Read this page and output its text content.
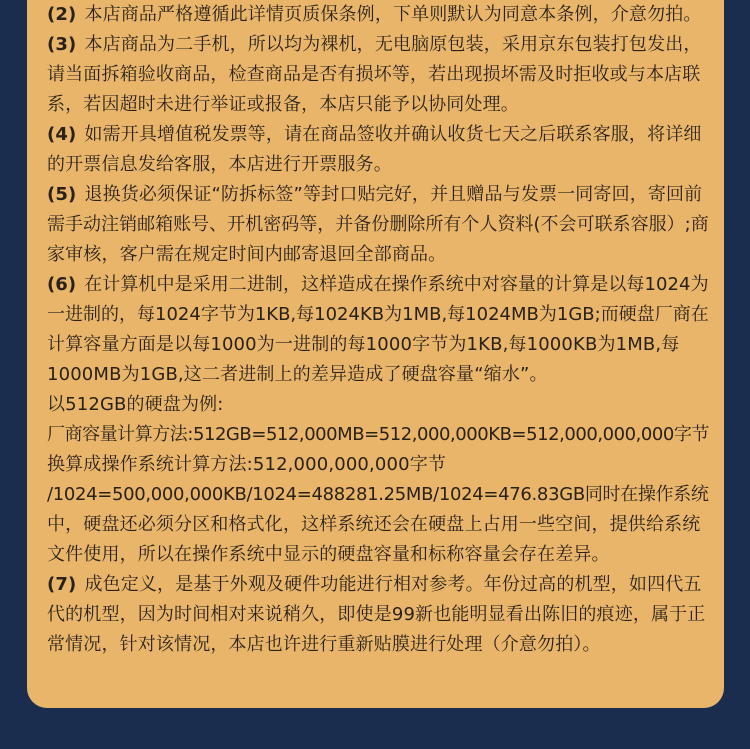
(2) 本店商品严格遵循此详情页质保条例，下单则默认为同意本条例，介意勿拍。
(3) 本店商品为二手机，所以均为裸机，无电脑原包装，采用京东包装打包发出，
请当面拆箱验收商品，检查商品是否有损坏等，若出现损坏需及时拒收或与本店联
系，若因超时未进行举证或报备，本店只能予以协同处理。
(4) 如需开具增值税发票等，请在商品签收并确认收货七天之后联系客服，将详细
的开票信息发给客服，本店进行开票服务。
(5) 退换货必须保证“防拆标签”等封口贴完好，并且赠品与发票一同寄回，寄回前
需手动注销邮箱账号、开机密码等，并备份删除所有个人资料(不会可联系容服）;商
家审核，客户需在规定时间内邮寄退回全部商品。
(6) 在计算机中是采用二进制，这样造成在操作系统中对容量的计算是以每1024为
一进制的，每1024字节为1KB,每1024KB为1MB,每1024MB为1GB;而硬盘厂商在
计算容量方面是以每1000为一进制的每1000字节为1KB,每1000KB为1MB,每
1000MB为1GB,这二者进制上的差异造成了硬盘容量“缩水”。
以512GB的硬盘为例:
厂商容量计算方法:512GB=512,000MB=512,000,000KB=512,000,000,000字节
换算成操作系统计算方法:512,000,000,000字节
/1024=500,000,000KB/1024=488281.25MB/1024=476.83GB同时在操作系统
中，硬盘还必须分区和格式化，这样系统还会在硬盘上占用一些空间，提供给系统
文件使用，所以在操作系统中显示的硬盘容量和标称容量会存在差异。
(7) 成色定义，是基于外观及硬件功能进行相对参考。年份过高的机型，如四代五
代的机型，因为时间相对来说稍久，即使是99新也能明显看出陈旧的痕迹，属于正
常情况，针对该情况，本店也许进行重新贴膜进行处理（介意勿拍）。
